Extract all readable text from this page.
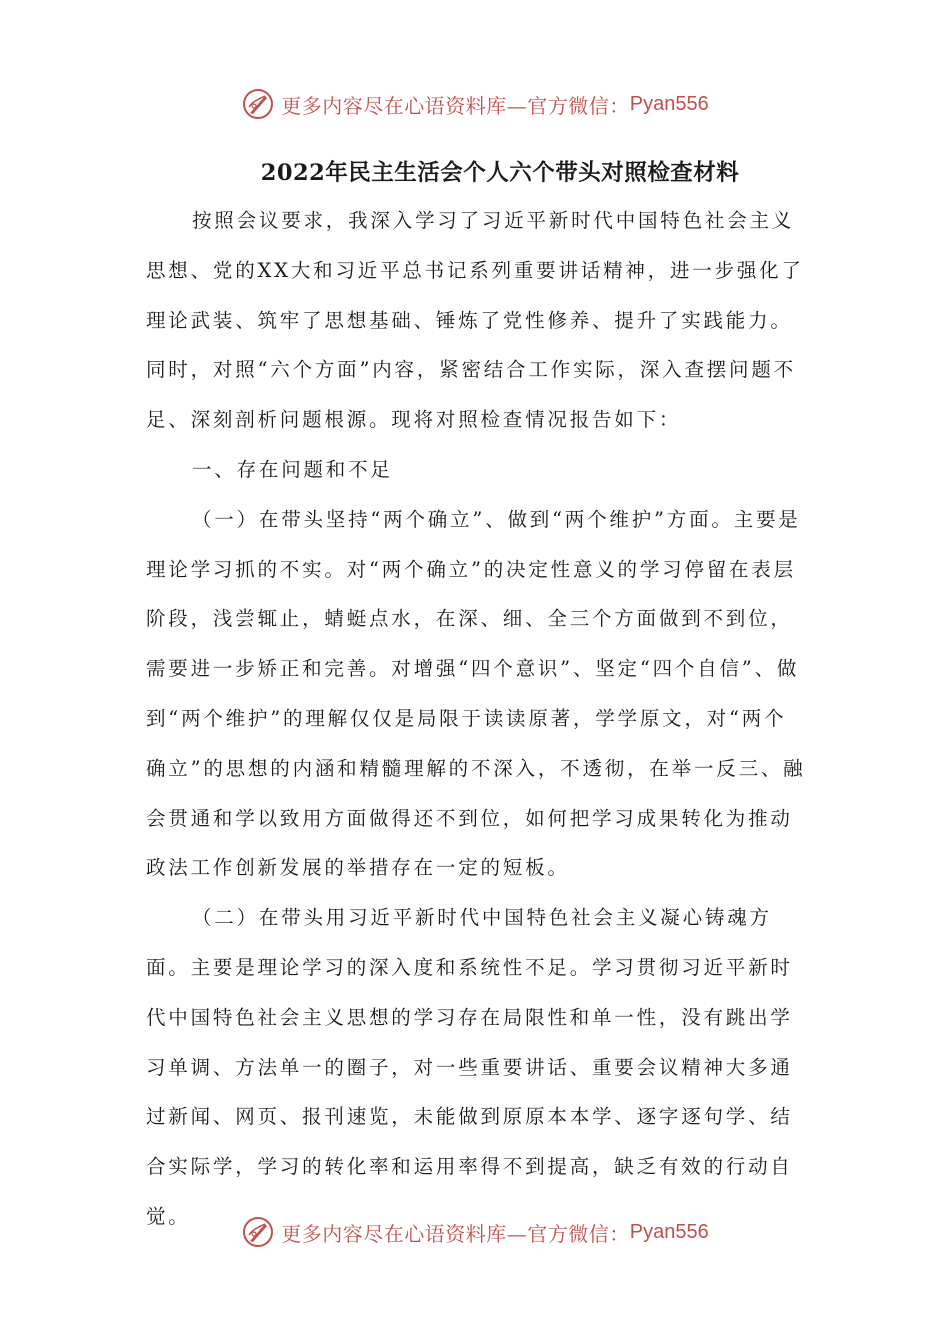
更多内容尽在心语资料库—官方微信： Pyan556
2022年民主生活会个人六个带头对照检查材料

按照会议要求，我深入学习了习近平新时代中国特色社会主义思想、党的XX大和习近平总书记系列重要讲话精神，进一步强化了理论武装、筑牢了思想基础、锤炼了党性修养、提升了实践能力。同时，对照“六个方面”内容，紧密结合工作实际，深入查摆问题不足、深刻剖析问题根源。现将对照检查情况报告如下：

一、存在问题和不足

（一）在带头坚持“两个确立”、做到“两个维护”方面。主要是理论学习抓的不实。对“两个确立”的决定性意义的学习停留在表层阶段，浅尝辄止，蜻蜓点水，在深、细、全三个方面做到不到位，需要进一步矫正和完善。对增强“四个意识”、坚定“四个自信”、做到“两个维护”的理解仅仅是局限于读读原著，学学原文，对“两个确立”的思想的内涵和精髓理解的不深入，不透彻，在举一反三、融会贯通和学以致用方面做得还不到位，如何把学习成果转化为推动政法工作创新发展的举措存在一定的短板。

（二）在带头用习近平新时代中国特色社会主义凝心铸魂方面。主要是理论学习的深入度和系统性不足。学习贯彻习近平新时代中国特色社会主义思想的学习存在局限性和单一性，没有跳出学习单调、方法单一的圈子，对一些重要讲话、重要会议精神大多通过新闻、网页、报刊速览，未能做到原原本本学、逐字逐句学、结合实际学，学习的转化率和运用率得不到提高，缺乏有效的行动自觉。

更多内容尽在心语资料库—官方微信： Pyan556
